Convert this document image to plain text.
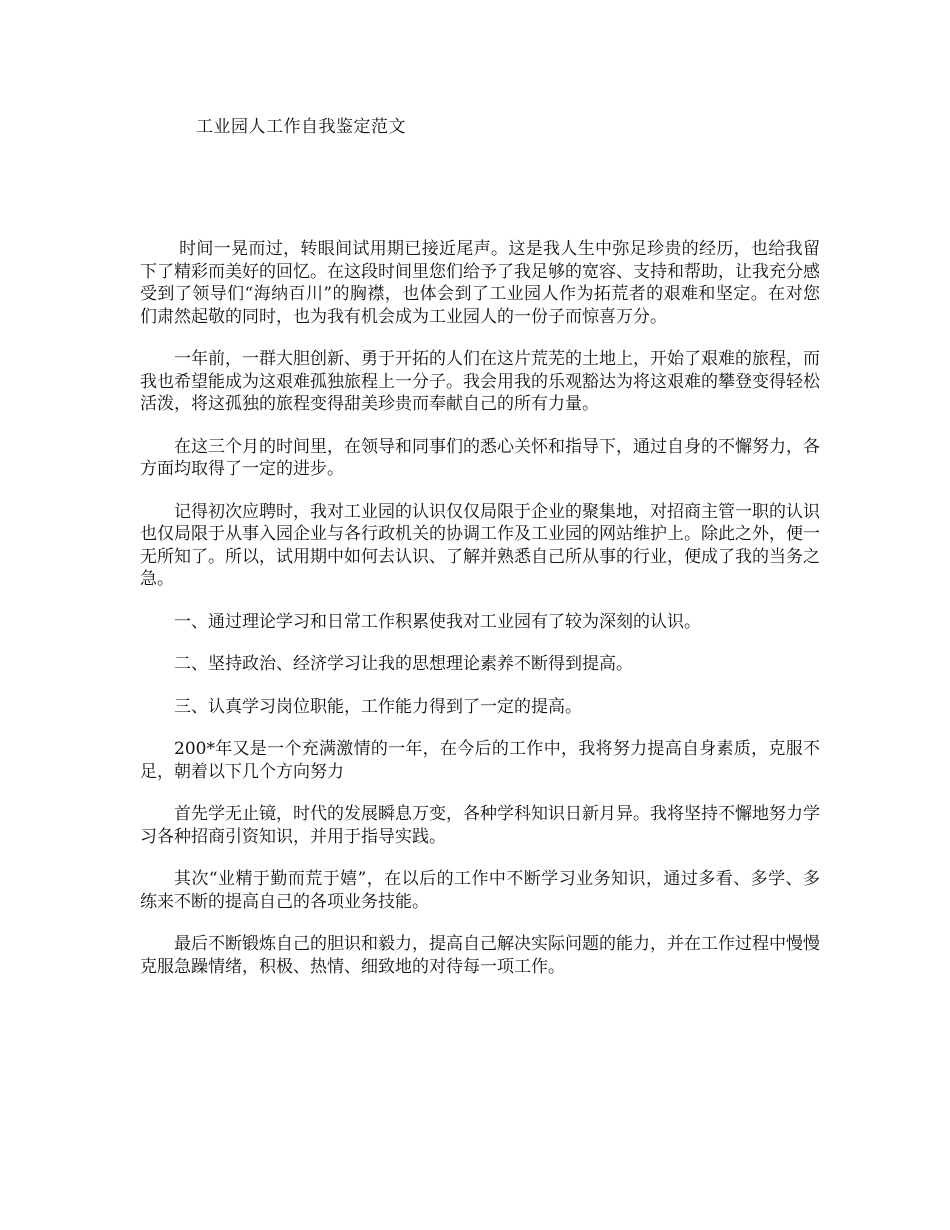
工业园人工作自我鉴定范文

时间一晃而过，转眼间试用期已接近尾声。这是我人生中弥足珍贵的经历，也给我留下了精彩而美好的回忆。在这段时间里您们给予了我足够的宽容、支持和帮助，让我充分感受到了领导们“海纳百川”的胸襟，也体会到了工业园人作为拓荒者的艰难和坚定。在对您们肃然起敬的同时，也为我有机会成为工业园人的一份子而惊喜万分。

一年前，一群大胆创新、勇于开拓的人们在这片荒芜的土地上，开始了艰难的旅程，而我也希望能成为这艰难孤独旅程上一分子。我会用我的乐观豁达为将这艰难的攀登变得轻松活泼，将这孤独的旅程变得甜美珍贵而奉献自己的所有力量。

在这三个月的时间里，在领导和同事们的悉心关怀和指导下，通过自身的不懈努力，各方面均取得了一定的进步。

记得初次应聘时，我对工业园的认识仅仅局限于企业的聚集地，对招商主管一职的认识也仅局限于从事入园企业与各行政机关的协调工作及工业园的网站维护上。除此之外，便一无所知了。所以，试用期中如何去认识、了解并熟悉自己所从事的行业，便成了我的当务之急。

一、通过理论学习和日常工作积累使我对工业园有了较为深刻的认识。

二、坚持政治、经济学习让我的思想理论素养不断得到提高。

三、认真学习岗位职能，工作能力得到了一定的提高。

200*年又是一个充满激情的一年，在今后的工作中，我将努力提高自身素质，克服不足，朝着以下几个方向努力

首先学无止镜，时代的发展瞬息万变，各种学科知识日新月异。我将坚持不懈地努力学习各种招商引资知识，并用于指导实践。

其次“业精于勤而荒于嬉”，在以后的工作中不断学习业务知识，通过多看、多学、多练来不断的提高自己的各项业务技能。

最后不断锻炼自己的胆识和毅力，提高自己解决实际问题的能力，并在工作过程中慢慢克服急躁情绪，积极、热情、细致地的对待每一项工作。
